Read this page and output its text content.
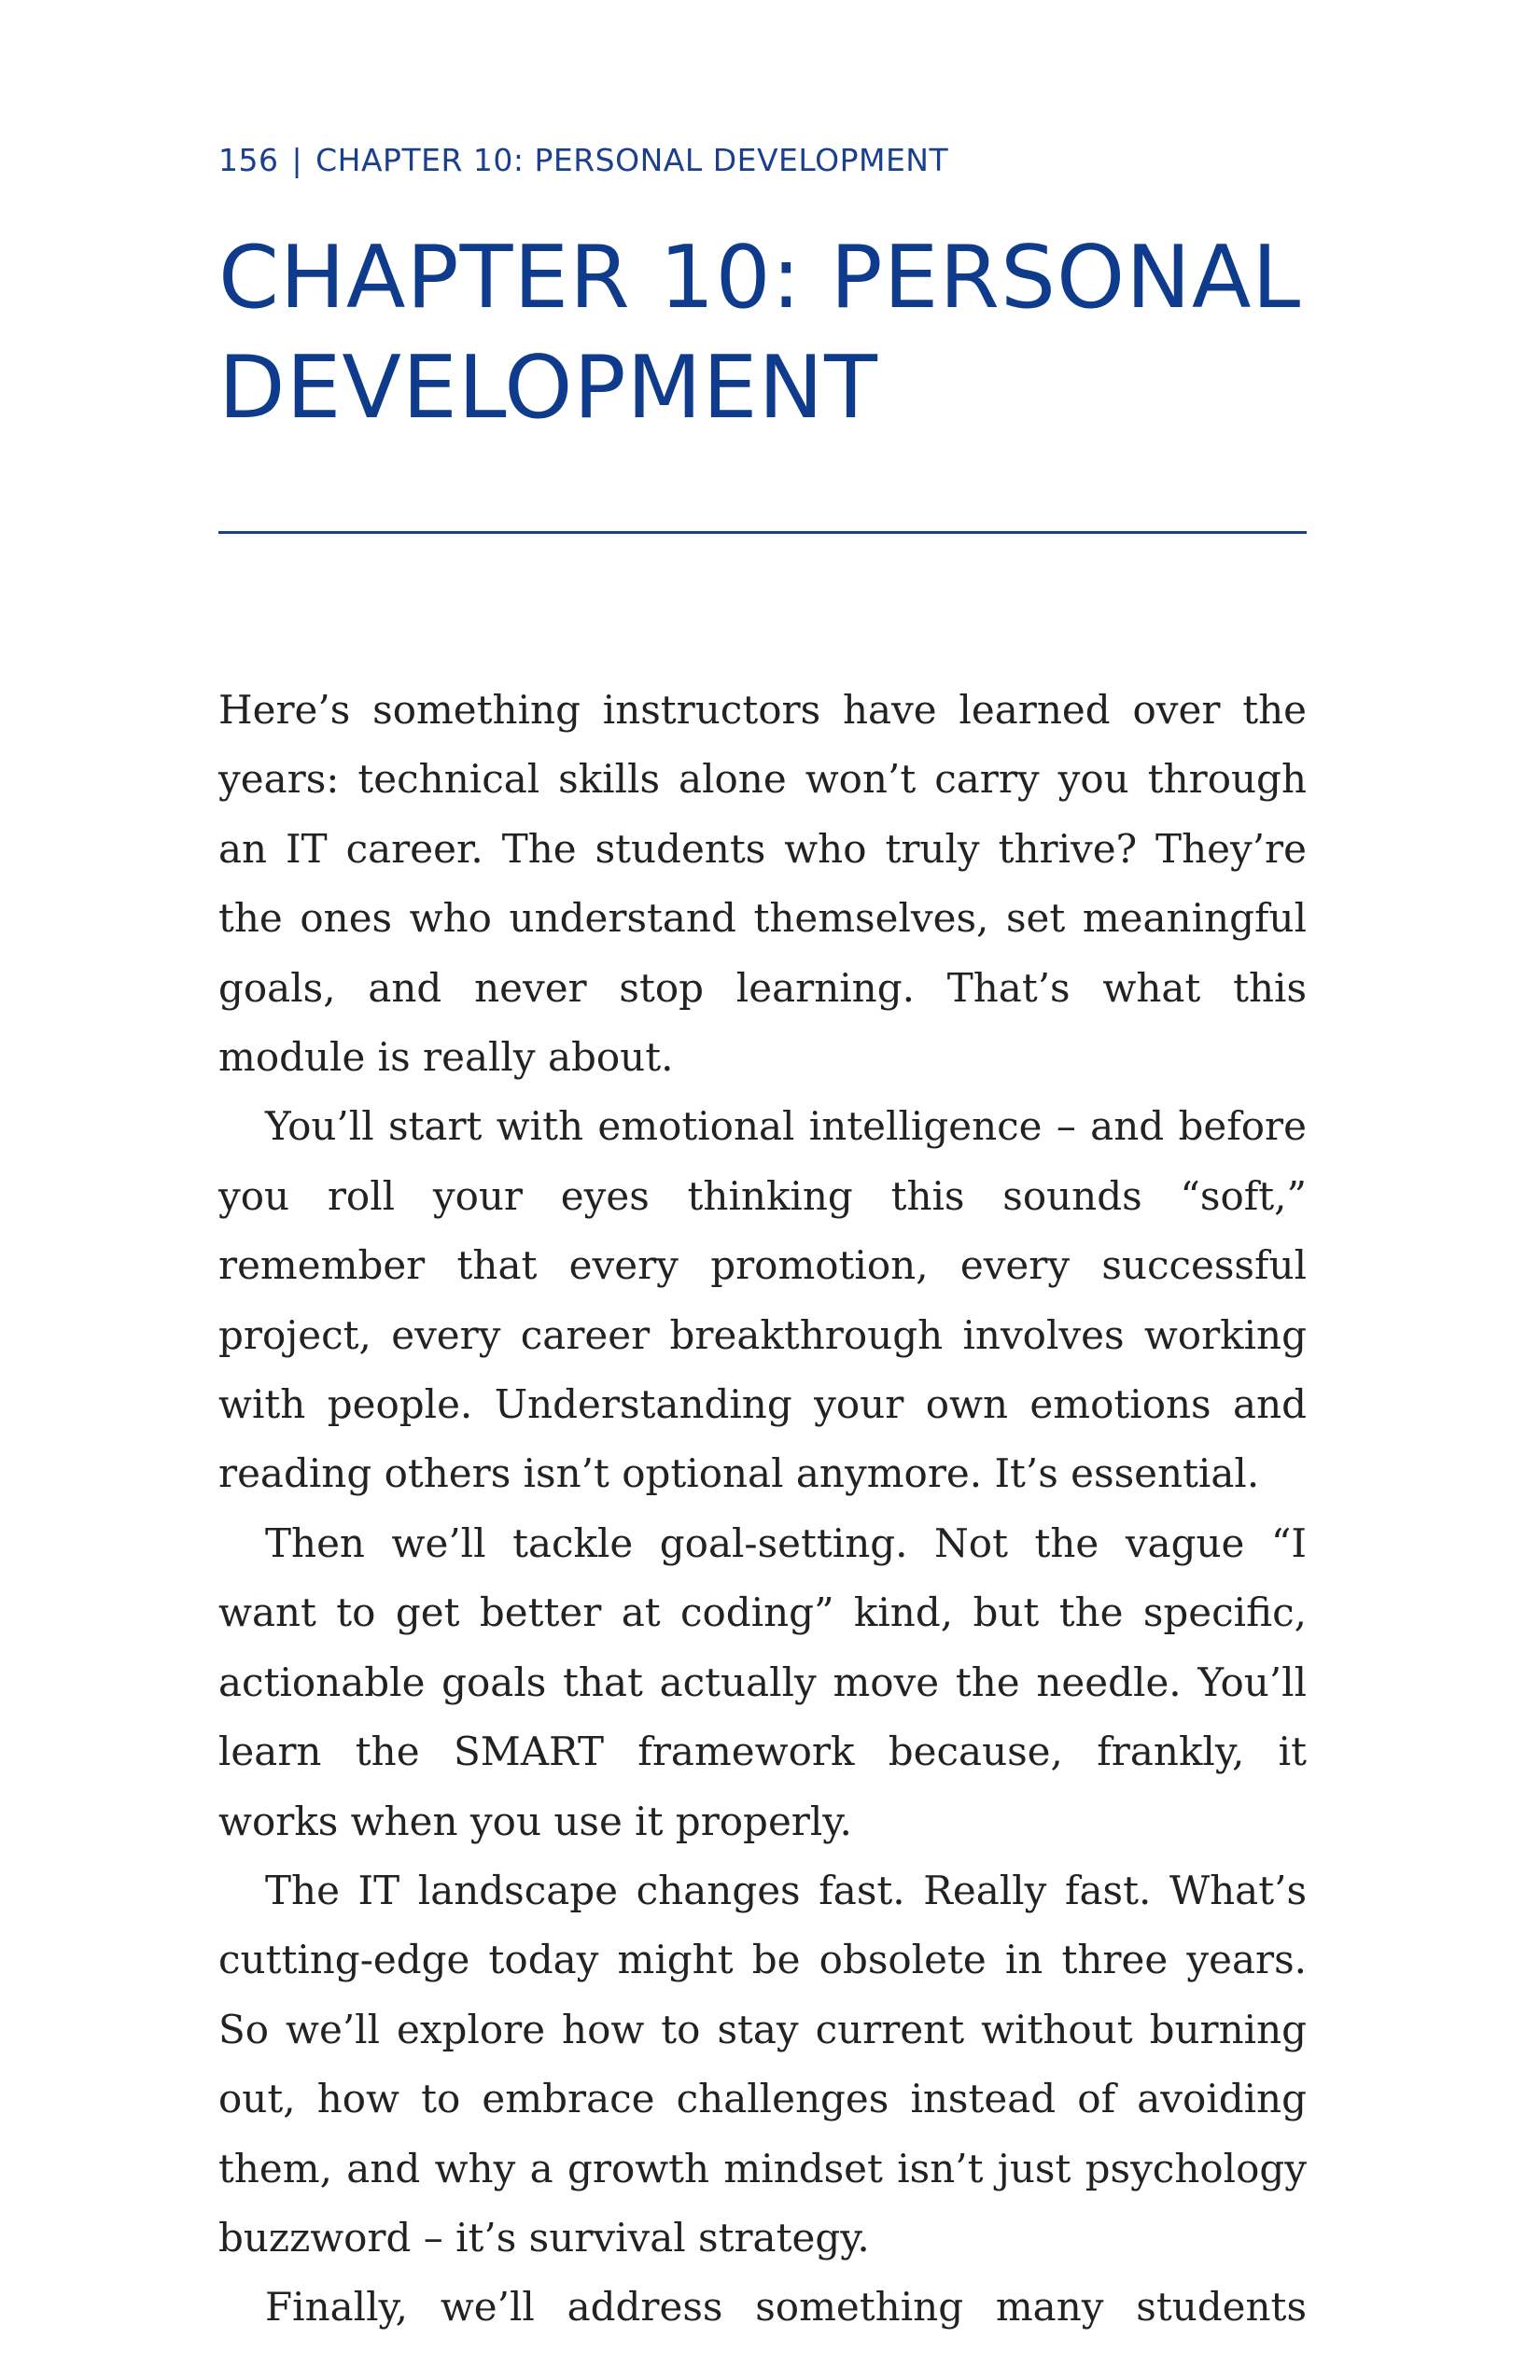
156 | CHAPTER 10: PERSONAL DEVELOPMENT
CHAPTER 10: PERSONAL
DEVELOPMENT

Here’s something instructors have learned over the years: technical skills alone won’t carry you through an IT career. The students who truly thrive? They’re the ones who understand themselves, set meaningful goals, and never stop learning. That’s what this module is really about.

You’ll start with emotional intelligence – and before you roll your eyes thinking this sounds “soft,” remember that every promotion, every successful project, every career breakthrough involves working with people. Understanding your own emotions and reading others isn’t optional anymore. It’s essential.

Then we’ll tackle goal-setting. Not the vague “I want to get better at coding” kind, but the specific, actionable goals that actually move the needle. You’ll learn the SMART framework because, frankly, it works when you use it properly.

The IT landscape changes fast. Really fast. What’s cutting-edge today might be obsolete in three years. So we’ll explore how to stay current without burning out, how to embrace challenges instead of avoiding them, and why a growth mindset isn’t just psychology buzzword – it’s survival strategy.

Finally, we’ll address something many students
